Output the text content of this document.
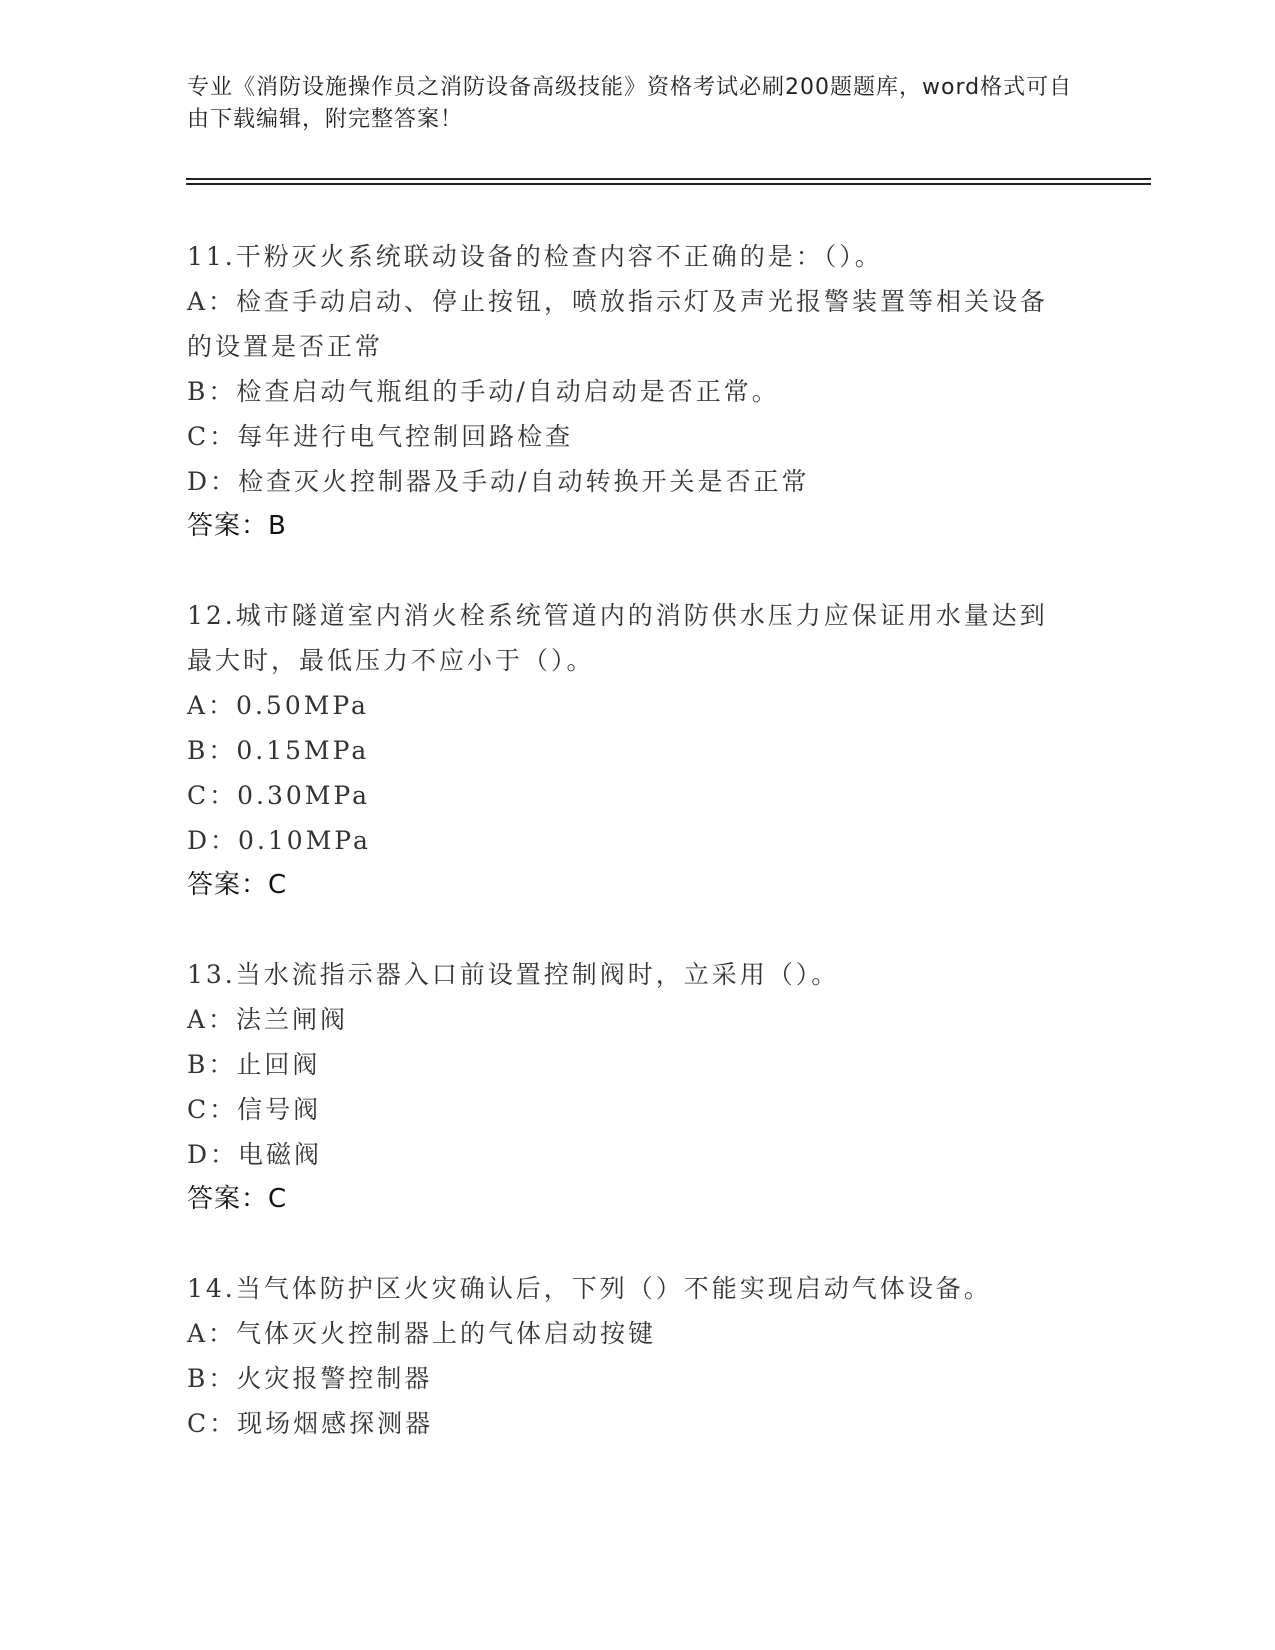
专业《消防设施操作员之消防设备高级技能》资格考试必刷200题题库，word格式可自由下载编辑，附完整答案！
11.干粉灭火系统联动设备的检查内容不正确的是：（）。
A：检查手动启动、停止按钮，喷放指示灯及声光报警装置等相关设备
的设置是否正常
B：检查启动气瓶组的手动/自动启动是否正常。
C：每年进行电气控制回路检查
D：检查灭火控制器及手动/自动转换开关是否正常
答案：B
12.城市隧道室内消火栓系统管道内的消防供水压力应保证用水量达到
最大时，最低压力不应小于（）。
A：0.50MPa
B：0.15MPa
C：0.30MPa
D：0.10MPa
答案：C
13.当水流指示器入口前设置控制阀时，立采用（）。
A：法兰闸阀
B：止回阀
C：信号阀
D：电磁阀
答案：C
14.当气体防护区火灾确认后，下列（）不能实现启动气体设备。
A：气体灭火控制器上的气体启动按键
B：火灾报警控制器
C：现场烟感探测器
